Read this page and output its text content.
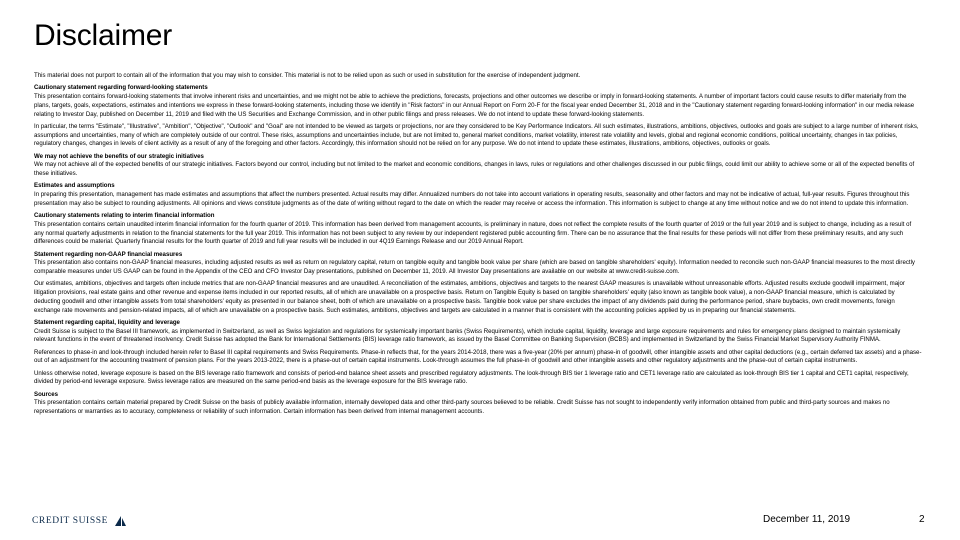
Disclaimer

This material does not purport to contain all of the information that you may wish to consider. This material is not to be relied upon as such or used in substitution for the exercise of independent judgment.

Cautionary statement regarding forward-looking statements

This presentation contains forward-looking statements that involve inherent risks and uncertainties, and we might not be able to achieve the predictions, forecasts, projections and other outcomes we describe or imply in forward-looking statements. A number of important factors could cause results to differ materially from the plans, targets, goals, expectations, estimates and intentions we express in these forward-looking statements, including those we identify in "Risk factors" in our Annual Report on Form 20-F for the fiscal year ended December 31, 2018 and in the "Cautionary statement regarding forward-looking information" in our media release relating to Investor Day, published on December 11, 2019 and filed with the US Securities and Exchange Commission, and in other public filings and press releases. We do not intend to update these forward-looking statements.

In particular, the terms "Estimate", "Illustrative", "Ambition", "Objective", "Outlook" and "Goal" are not intended to be viewed as targets or projections, nor are they considered to be Key Performance Indicators. All such estimates, illustrations, ambitions, objectives, outlooks and goals are subject to a large number of inherent risks, assumptions and uncertainties, many of which are completely outside of our control. These risks, assumptions and uncertainties include, but are not limited to, general market conditions, market volatility, interest rate volatility and levels, global and regional economic conditions, political uncertainty, changes in tax policies, regulatory changes, changes in levels of client activity as a result of any of the foregoing and other factors. Accordingly, this information should not be relied on for any purpose. We do not intend to update these estimates, illustrations, ambitions, objectives, outlooks or goals.

We may not achieve the benefits of our strategic initiatives

We may not achieve all of the expected benefits of our strategic initiatives. Factors beyond our control, including but not limited to the market and economic conditions, changes in laws, rules or regulations and other challenges discussed in our public filings, could limit our ability to achieve some or all of the expected benefits of these initiatives.

Estimates and assumptions

In preparing this presentation, management has made estimates and assumptions that affect the numbers presented. Actual results may differ. Annualized numbers do not take into account variations in operating results, seasonality and other factors and may not be indicative of actual, full-year results. Figures throughout this presentation may also be subject to rounding adjustments. All opinions and views constitute judgments as of the date of writing without regard to the date on which the reader may receive or access the information. This information is subject to change at any time without notice and we do not intend to update this information.

Cautionary statements relating to interim financial information

This presentation contains certain unaudited interim financial information for the fourth quarter of 2019. This information has been derived from management accounts, is preliminary in nature, does not reflect the complete results of the fourth quarter of 2019 or the full year 2019 and is subject to change, including as a result of any normal quarterly adjustments in relation to the financial statements for the full year 2019. This information has not been subject to any review by our independent registered public accounting firm. There can be no assurance that the final results for these periods will not differ from these preliminary results, and any such differences could be material. Quarterly financial results for the fourth quarter of 2019 and full year results will be included in our 4Q19 Earnings Release and our 2019 Annual Report.

Statement regarding non-GAAP financial measures

This presentation also contains non-GAAP financial measures, including adjusted results as well as return on regulatory capital, return on tangible equity and tangible book value per share (which are based on tangible shareholders' equity). Information needed to reconcile such non-GAAP financial measures to the most directly comparable measures under US GAAP can be found in the Appendix of the CEO and CFO Investor Day presentations, published on December 11, 2019. All Investor Day presentations are available on our website at www.credit-suisse.com.

Our estimates, ambitions, objectives and targets often include metrics that are non-GAAP financial measures and are unaudited. A reconciliation of the estimates, ambitions, objectives and targets to the nearest GAAP measures is unavailable without unreasonable efforts. Adjusted results exclude goodwill impairment, major litigation provisions, real estate gains and other revenue and expense items included in our reported results, all of which are unavailable on a prospective basis. Return on Tangible Equity is based on tangible shareholders' equity (also known as tangible book value), a non-GAAP financial measure, which is calculated by deducting goodwill and other intangible assets from total shareholders' equity as presented in our balance sheet, both of which are unavailable on a prospective basis. Tangible book value per share excludes the impact of any dividends paid during the performance period, share buybacks, own credit movements, foreign exchange rate movements and pension-related impacts, all of which are unavailable on a prospective basis. Such estimates, ambitions, objectives and targets are calculated in a manner that is consistent with the accounting policies applied by us in preparing our financial statements.

Statement regarding capital, liquidity and leverage

Credit Suisse is subject to the Basel III framework, as implemented in Switzerland, as well as Swiss legislation and regulations for systemically important banks (Swiss Requirements), which include capital, liquidity, leverage and large exposure requirements and rules for emergency plans designed to maintain systemically relevant functions in the event of threatened insolvency. Credit Suisse has adopted the Bank for International Settlements (BIS) leverage ratio framework, as issued by the Basel Committee on Banking Supervision (BCBS) and implemented in Switzerland by the Swiss Financial Market Supervisory Authority FINMA.

References to phase-in and look-through included herein refer to Basel III capital requirements and Swiss Requirements. Phase-in reflects that, for the years 2014-2018, there was a five-year (20% per annum) phase-in of goodwill, other intangible assets and other capital deductions (e.g., certain deferred tax assets) and a phase-out of an adjustment for the accounting treatment of pension plans. For the years 2013-2022, there is a phase-out of certain capital instruments. Look-through assumes the full phase-in of goodwill and other intangible assets and other regulatory adjustments and the phase-out of certain capital instruments.

Unless otherwise noted, leverage exposure is based on the BIS leverage ratio framework and consists of period-end balance sheet assets and prescribed regulatory adjustments. The look-through BIS tier 1 leverage ratio and CET1 leverage ratio are calculated as look-through BIS tier 1 capital and CET1 capital, respectively, divided by period-end leverage exposure. Swiss leverage ratios are measured on the same period-end basis as the leverage exposure for the BIS leverage ratio.

Sources

This presentation contains certain material prepared by Credit Suisse on the basis of publicly available information, internally developed data and other third-party sources believed to be reliable. Credit Suisse has not sought to independently verify information obtained from public and third-party sources and makes no representations or warranties as to accuracy, completeness or reliability of such information. Certain information has been derived from internal management accounts.

CREDIT SUISSE	December 11, 2019	2
